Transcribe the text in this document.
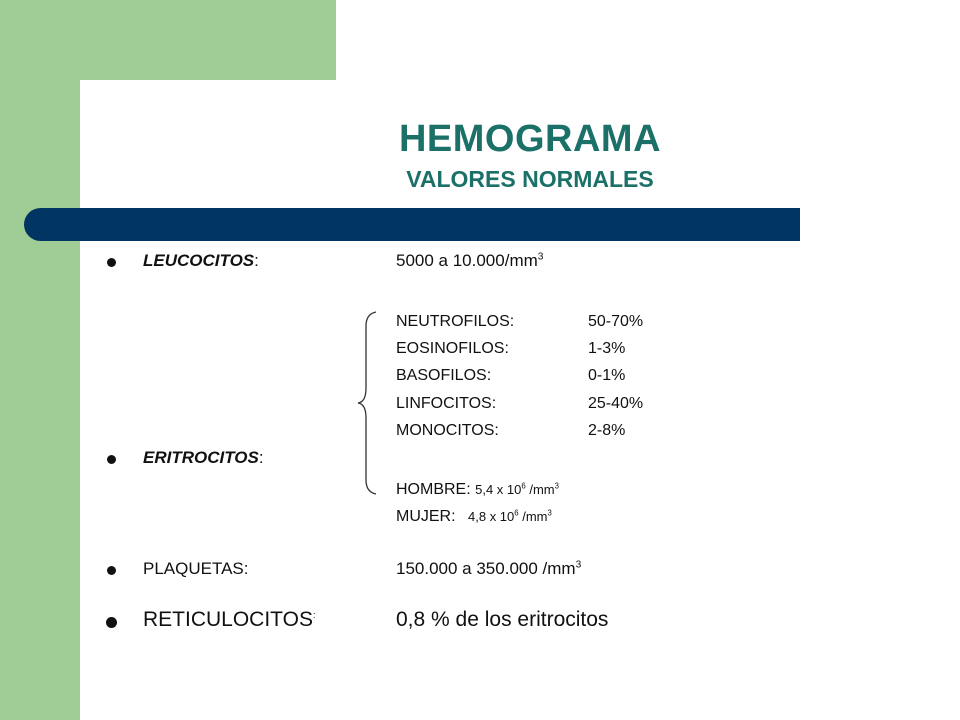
HEMOGRAMA
VALORES NORMALES
LEUCOCITOS:	5000 a $10.000/mm^3$
NEUTROFILOS:	50-70%
EOSINOFILOS:	1-3%
BASOFILOS:	0-1%
LINFOCITOS:	25-40%
MONOCITOS:	2-8%
ERITROCITOS:
HOMBRE: 5,4 x $10^6$ $/mm^3$
MUJER: 4,8 x $10^6$ $/mm^3$
PLAQUETAS:	150.000 a 350.000 $/mm^3$
RETICULOCITOS:	0,8 % de los eritrocitos
